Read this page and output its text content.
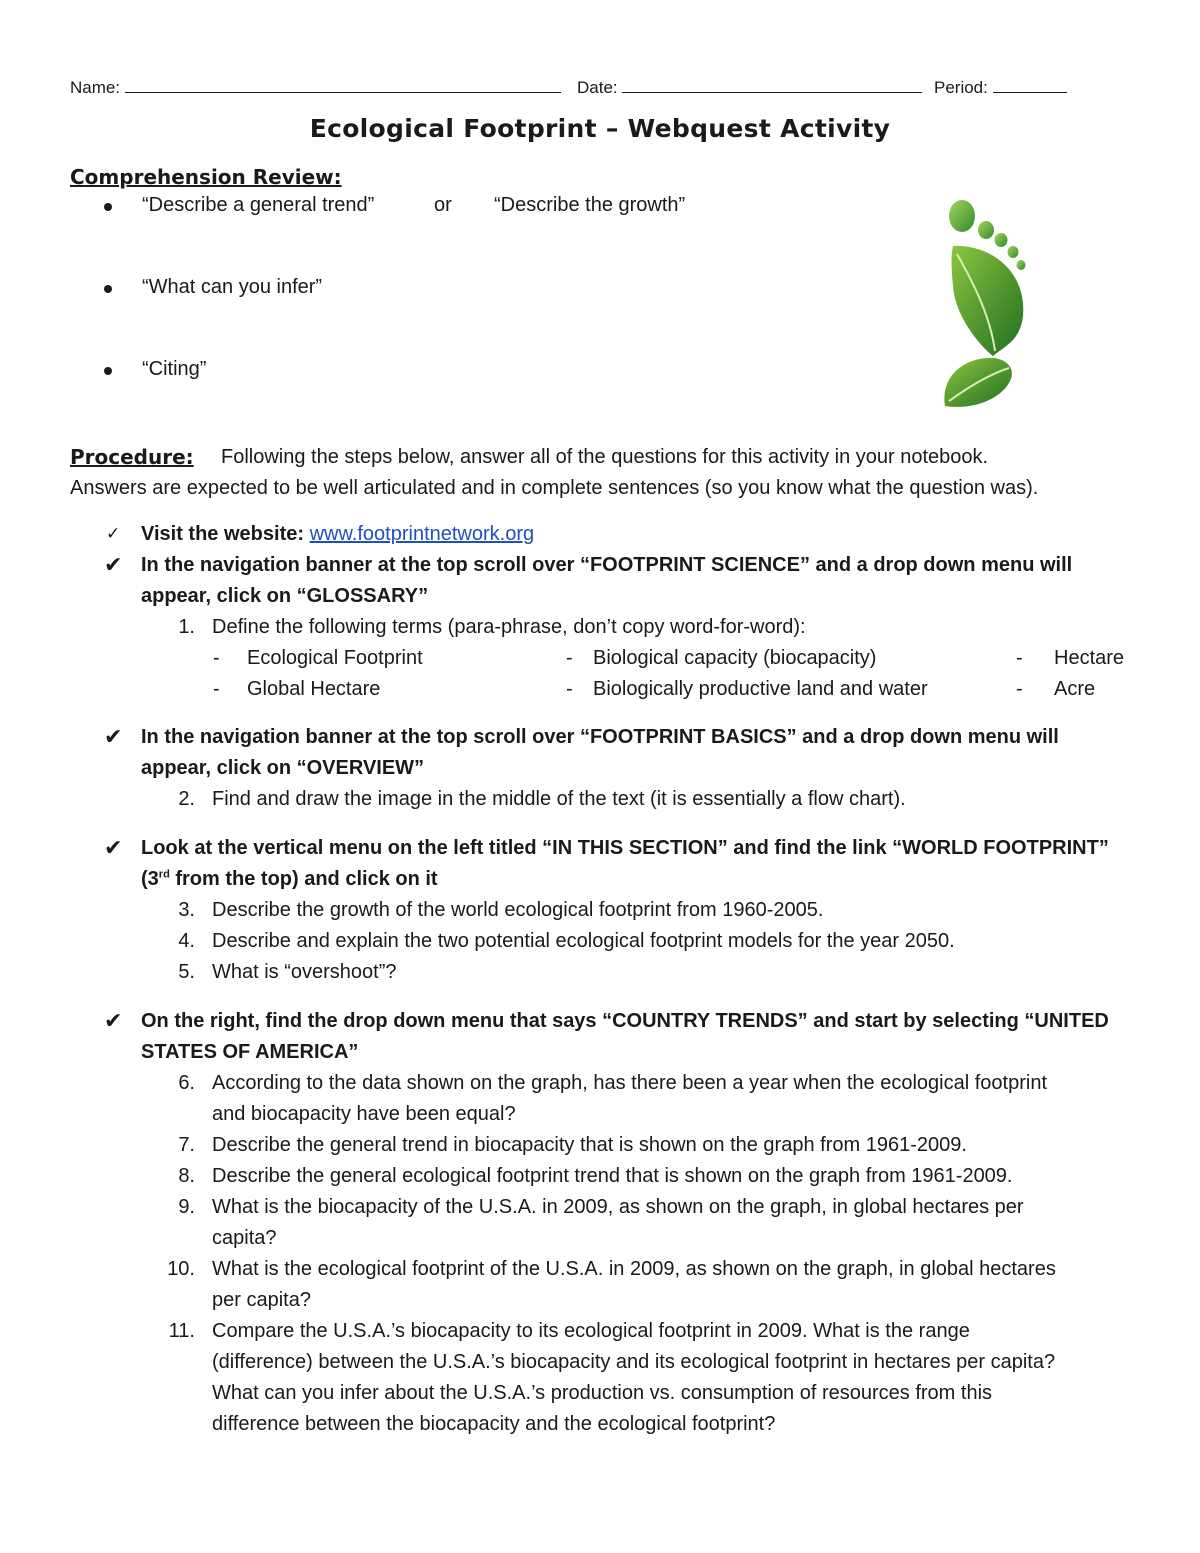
Name:	Date:	Period:
Ecological Footprint – Webquest Activity
Comprehension Review:
“Describe a general trend”	or “Describe the growth”
“What can you infer”
“Citing”
Procedure: Following the steps below, answer all of the questions for this activity in your notebook.
Answers are expected to be well articulated and in complete sentences (so you know what the question was).
✓ Visit the website: www.footprintnetwork.org
✔ In the navigation banner at the top scroll over “FOOTPRINT SCIENCE” and a drop down menu will
appear, click on “GLOSSARY”
1. Define the following terms (para-phrase, don’t copy word-for-word):
- Ecological Footprint	- Biological capacity (biocapacity)	- Hectare
- Global Hectare	- Biologically productive land and water	- Acre
✔ In the navigation banner at the top scroll over “FOOTPRINT BASICS” and a drop down menu will
appear, click on “OVERVIEW”
2. Find and draw the image in the middle of the text (it is essentially a flow chart).
✔ Look at the vertical menu on the left titled “IN THIS SECTION” and find the link “WORLD FOOTPRINT”
(3rd from the top) and click on it
3. Describe the growth of the world ecological footprint from 1960-2005.
4. Describe and explain the two potential ecological footprint models for the year 2050.
5. What is “overshoot”?
✔ On the right, find the drop down menu that says “COUNTRY TRENDS” and start by selecting “UNITED
STATES OF AMERICA”
6. According to the data shown on the graph, has there been a year when the ecological footprint
and biocapacity have been equal?
7. Describe the general trend in biocapacity that is shown on the graph from 1961-2009.
8. Describe the general ecological footprint trend that is shown on the graph from 1961-2009.
9. What is the biocapacity of the U.S.A. in 2009, as shown on the graph, in global hectares per
capita?
10. What is the ecological footprint of the U.S.A. in 2009, as shown on the graph, in global hectares
per capita?
11. Compare the U.S.A.’s biocapacity to its ecological footprint in 2009. What is the range
(difference) between the U.S.A.’s biocapacity and its ecological footprint in hectares per capita?
What can you infer about the U.S.A.’s production vs. consumption of resources from this
difference between the biocapacity and the ecological footprint?
